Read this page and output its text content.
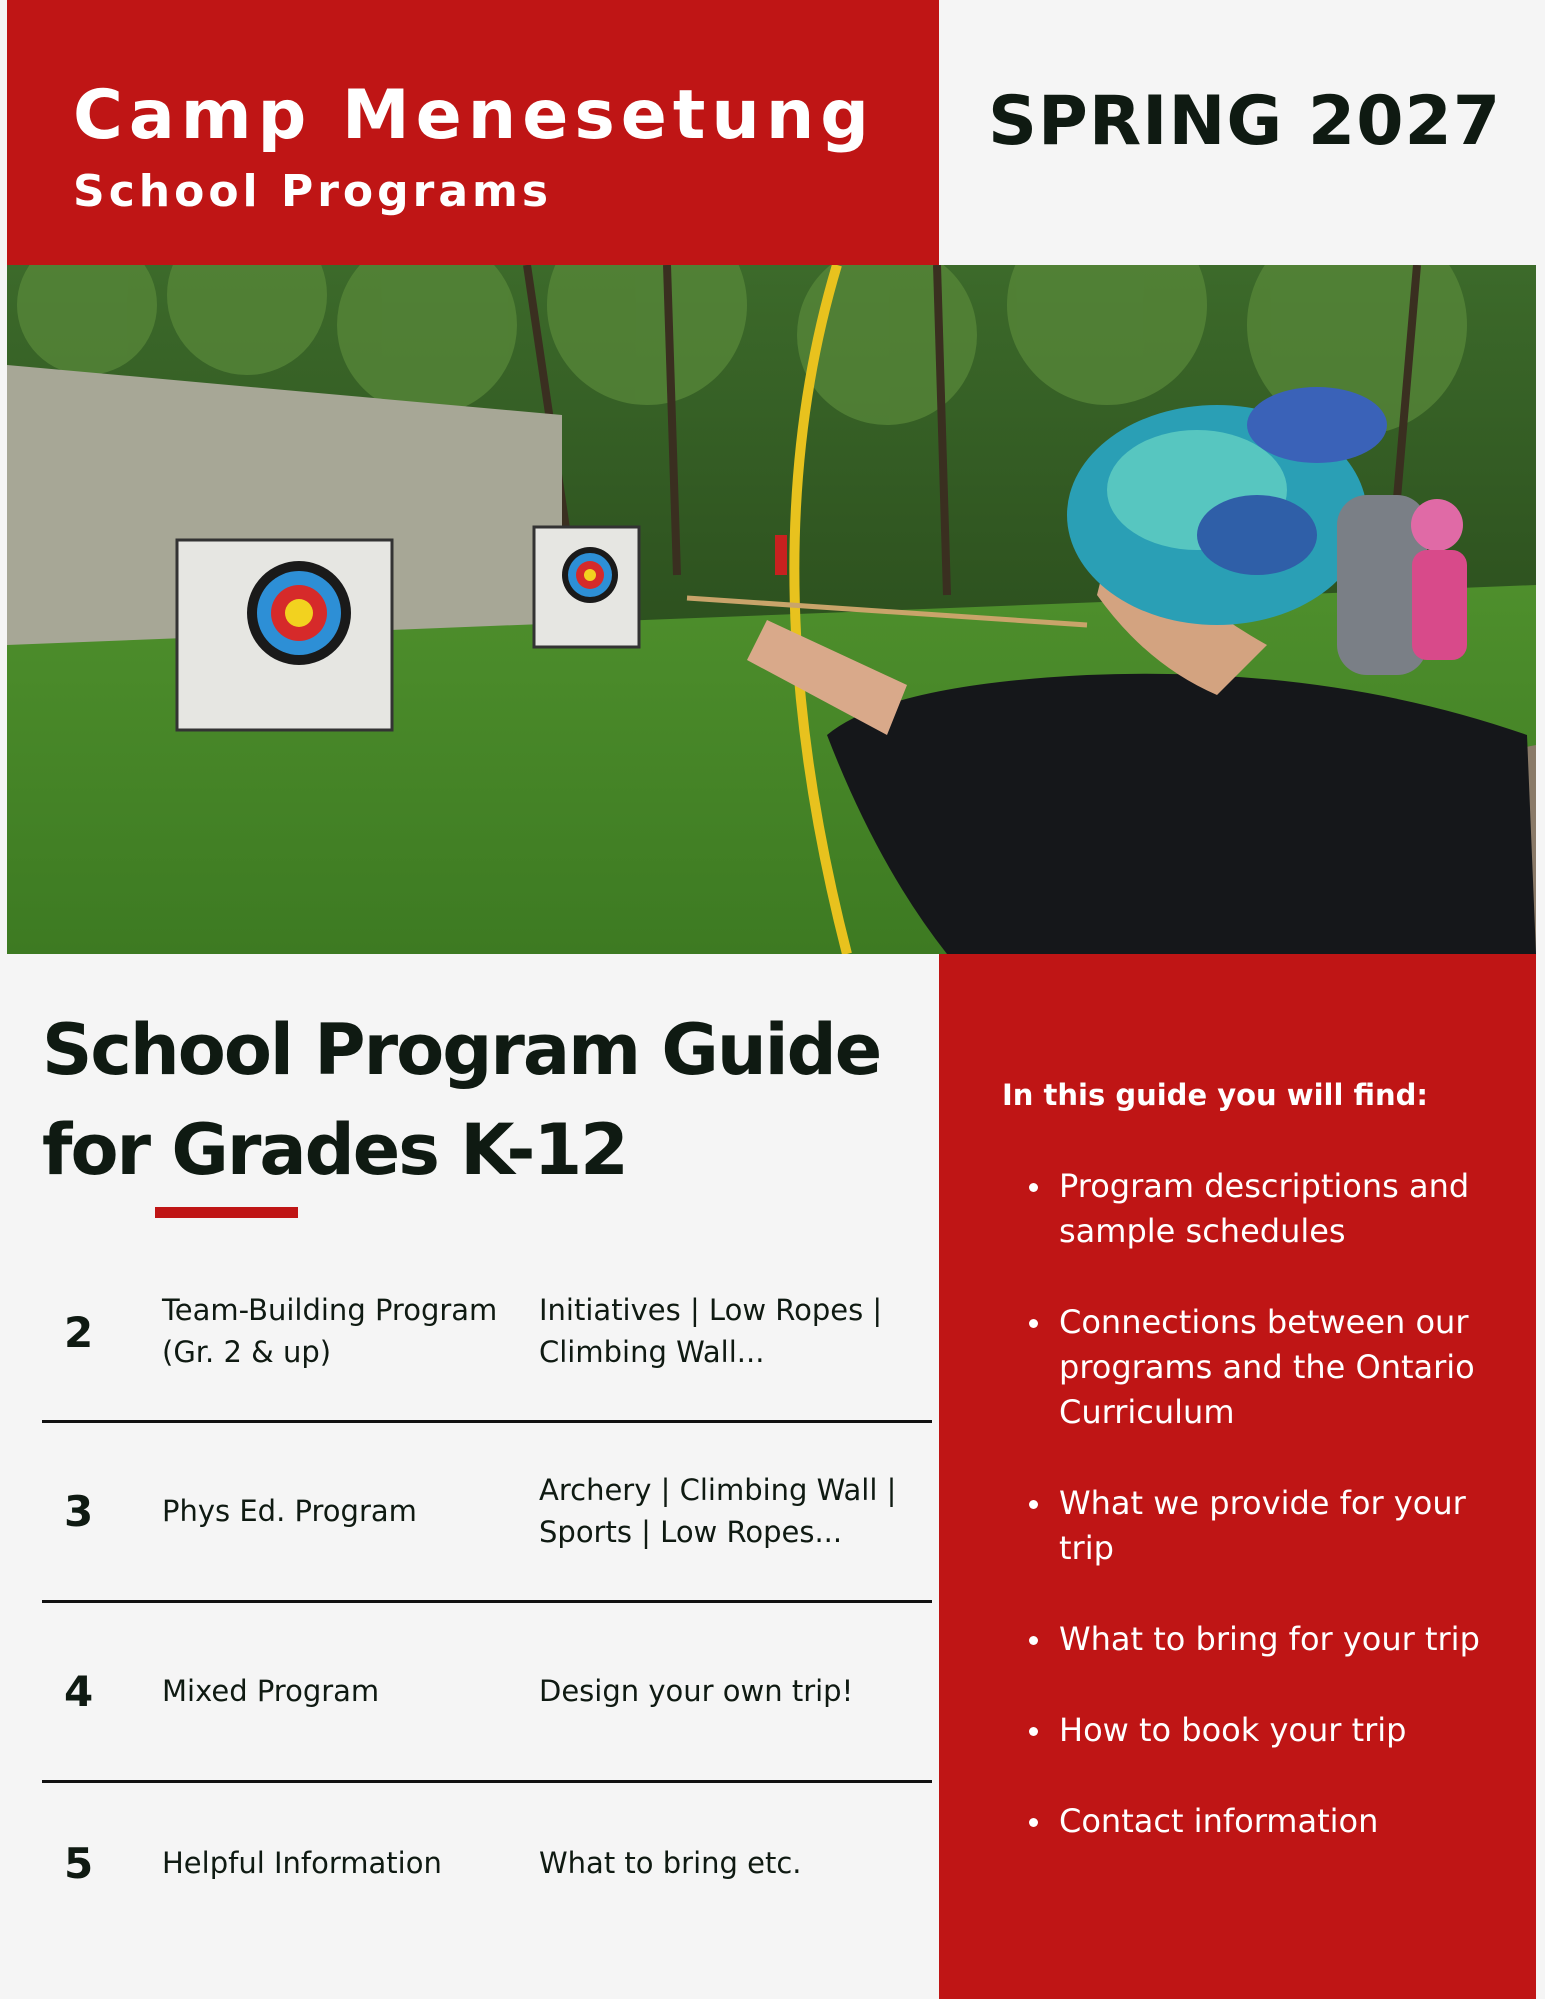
Camp Menesetung
School Programs
SPRING 2027
School Program Guide
for Grades K-12
2 Team-Building Program (Gr. 2 & up)
Initiatives | Low Ropes | Climbing Wall...
3 Phys Ed. Program
Archery | Climbing Wall | Sports | Low Ropes...
4 Mixed Program	Design your own trip!
5 Helpful Information	What to bring etc.
In this guide you will find:
Program descriptions and sample schedules
Connections between our programs and the Ontario Curriculum
What we provide for your trip
What to bring for your trip
How to book your trip
Contact information
